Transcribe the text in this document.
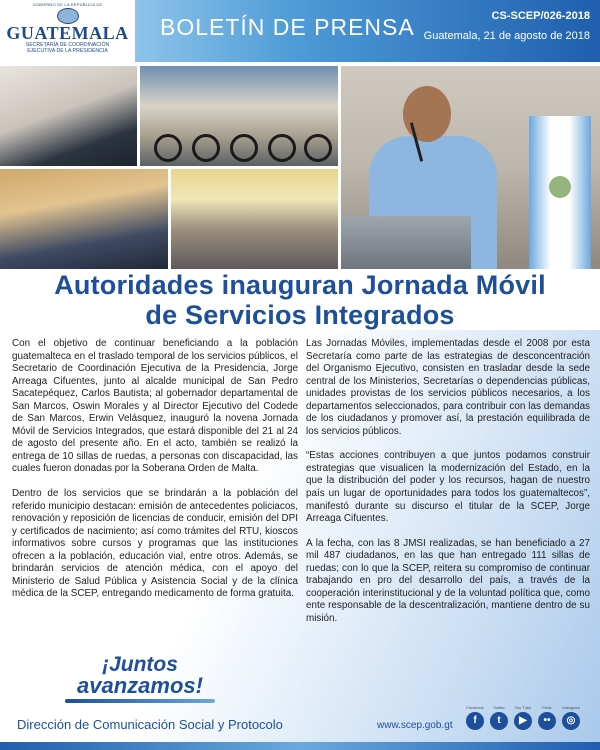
GOBIERNO DE LA REPÚBLICA DE
GUATEMALA
SECRETARÍA DE COORDINACIÓN
EJECUTIVA DE LA PRESIDENCIA
BOLETÍN DE PRENSA	CS-SCEP/026-2018
Guatemala, 21 de agosto de 2018
Autoridades inauguran Jornada Móvil
de Servicios Integrados

Con el objetivo de continuar beneficiando a la población guatemalteca en el traslado temporal de los servicios públicos, el Secretario de Coordinación Ejecutiva de la Presidencia, Jorge Arreaga Cifuentes, junto al alcalde municipal de San Pedro Sacatepéquez, Carlos Bautista; al gobernador departamental de San Marcos, Oswin Morales y al Director Ejecutivo del Codede de San Marcos, Erwin Velásquez, inauguró la novena Jornada Móvil de Servicios Integrados, que estará disponible del 21 al 24 de agosto del presente año. En el acto, también se realizó la entrega de 10 sillas de ruedas, a personas con discapacidad, las cuales fueron donadas por la Soberana Orden de Malta.

Dentro de los servicios que se brindarán a la población del referido municipio destacan: emisión de antecedentes policiacos, renovación y reposición de licencias de conducir, emisión del DPI y certificados de nacimiento; así como trámites del RTU, kioscos informativos sobre cursos y programas que las instituciones ofrecen a la población, educación vial, entre otros. Además, se brindarán servicios de atención médica, con el apoyo del Ministerio de Salud Pública y Asistencia Social y de la clínica médica de la SCEP, entregando medicamento de forma gratuita.

Las Jornadas Móviles, implementadas desde el 2008 por esta Secretaría como parte de las estrategias de desconcentración del Organismo Ejecutivo, consisten en trasladar desde la sede central de los Ministerios, Secretarías o dependencias públicas, unidades provistas de los servicios públicos necesarios, a los departamentos seleccionados, para contribuir con las demandas de los ciudadanos y promover así, la prestación equilibrada de los servicios públicos.

“Estas acciones contribuyen a que juntos podamos construir estrategias que visualicen la modernización del Estado, en la que la distribución del poder y los recursos, hagan de nuestro país un lugar de oportunidades para todos los guatemaltecos”, manifestó durante su discurso el titular de la SCEP, Jorge Arreaga Cifuentes.

A la fecha, con las 8 JMSI realizadas, se han beneficiado a 27 mil 487 ciudadanos, en las que han entregado 111 sillas de ruedas; con lo que la SCEP, reitera su compromiso de continuar trabajando en pro del desarrollo del país, a través de la cooperación interinstitucional y de la voluntad política que, como ente responsable de la descentralización, mantiene dentro de su misión.

¡Juntos
avanzamos!
Dirección de Comunicación Social y Protocolo	www.scep.gob.gt
Facebook
f
Twitter
t
You Tube
▶
Flickr
••
Instagram
◎
